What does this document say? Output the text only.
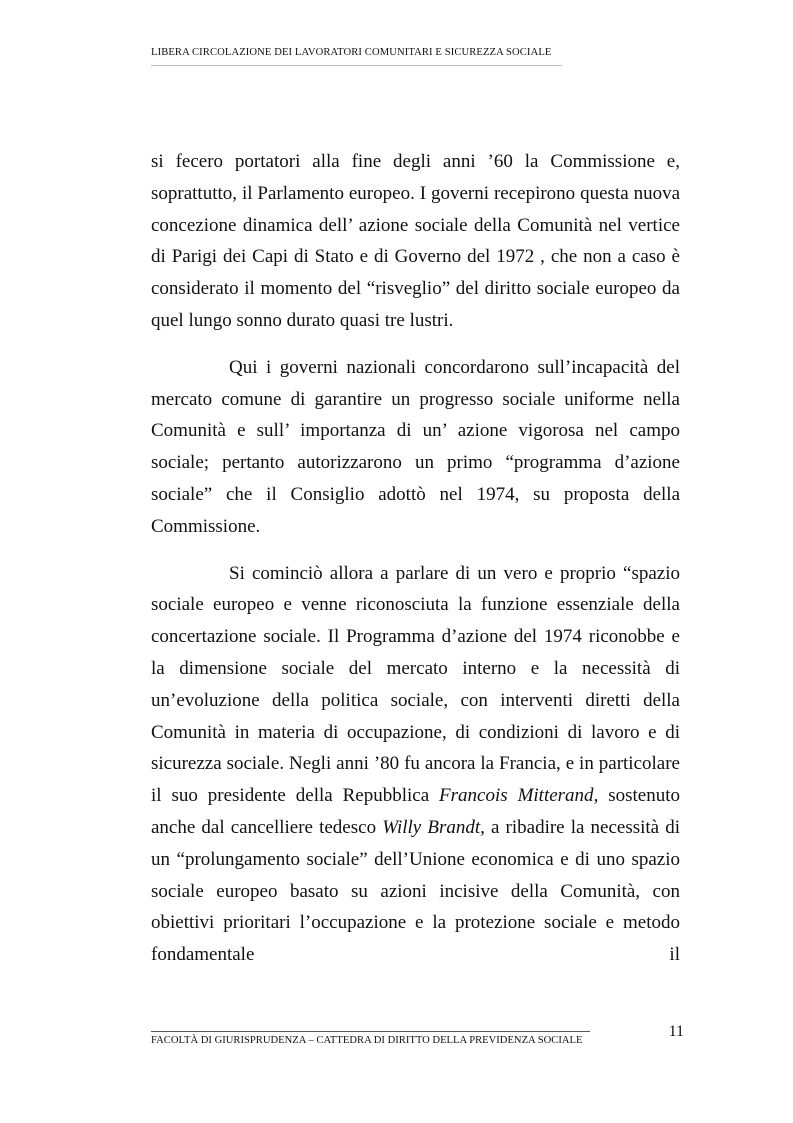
LIBERA CIRCOLAZIONE DEI LAVORATORI COMUNITARI E SICUREZZA SOCIALE

si fecero portatori alla fine degli anni ’60 la Commissione e, soprattutto, il Parlamento europeo. I governi recepirono questa nuova concezione dinamica dell’ azione sociale della Comunità nel vertice di Parigi dei Capi di Stato e di Governo del 1972 , che non a caso è considerato il momento del “risveglio” del diritto sociale europeo da quel lungo sonno durato quasi tre lustri.

Qui i governi nazionali concordarono sull’incapacità del mercato comune di garantire un progresso sociale uniforme nella Comunità e sull’ importanza di un’ azione vigorosa nel campo sociale; pertanto autorizzarono un primo “programma d’azione sociale” che il Consiglio adottò nel 1974, su proposta della Commissione.

Si cominciò allora a parlare di un vero e proprio “spazio sociale europeo e venne riconosciuta la funzione essenziale della concertazione sociale. Il Programma d’azione del 1974 riconobbe e la dimensione sociale del mercato interno e la necessità di un’evoluzione della politica sociale, con interventi diretti della Comunità in materia di occupazione, di condizioni di lavoro e di sicurezza sociale. Negli anni ’80 fu ancora la Francia, e in particolare il suo presidente della Repubblica Francois Mitterand, sostenuto anche dal cancelliere tedesco Willy Brandt, a ribadire la necessità di un “prolungamento sociale” dell’Unione economica e di uno spazio sociale europeo basato su azioni incisive della Comunità, con obiettivi prioritari l’occupazione e la protezione sociale e metodo fondamentale il

FACOLTÀ DI GIURISPRUDENZA – CATTEDRA DI DIRITTO DELLA PREVIDENZA SOCIALE
11
